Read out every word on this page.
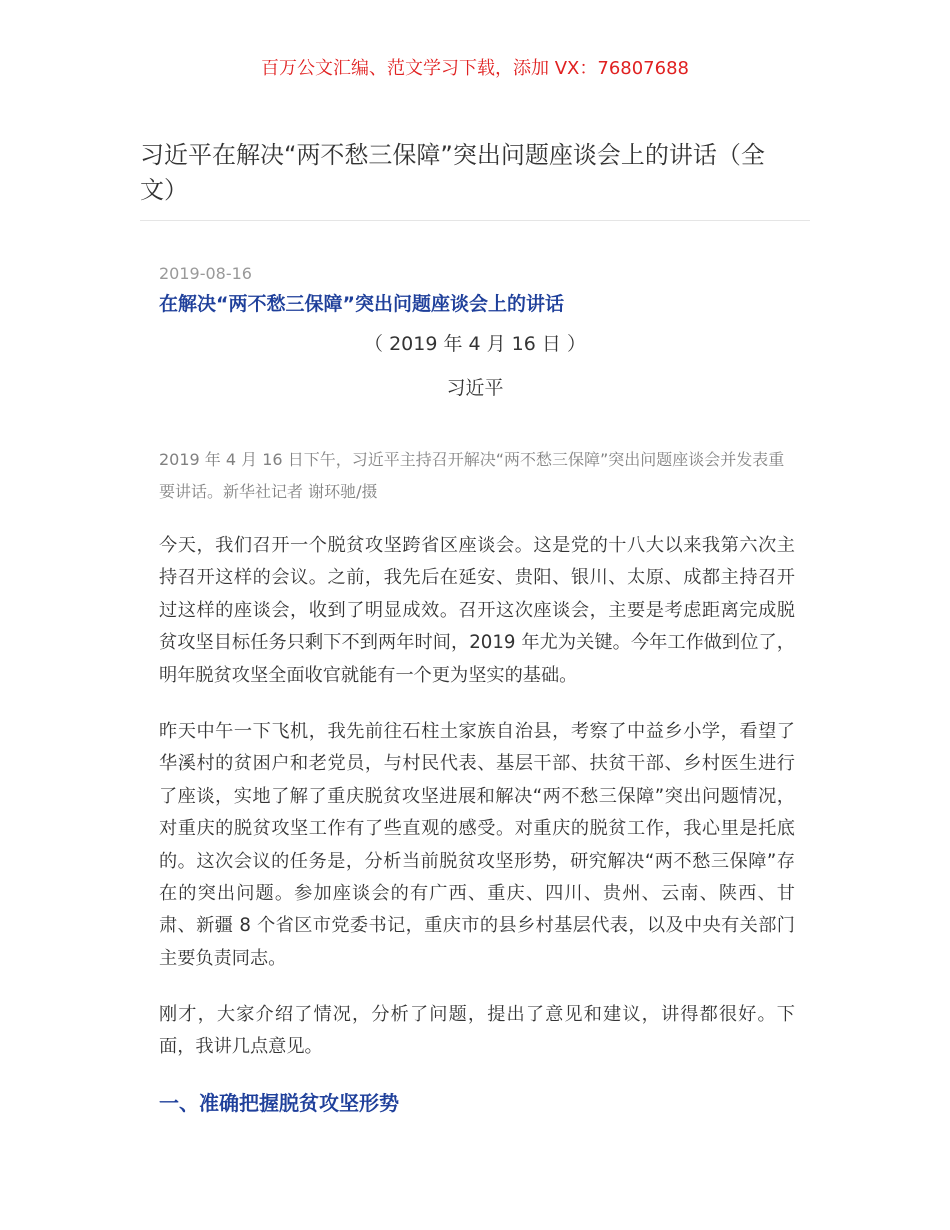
百万公文汇编、范文学习下载，添加 VX：76807688
习近平在解决“两不愁三保障”突出问题座谈会上的讲话（全文）
2019-08-16
在解决“两不愁三保障”突出问题座谈会上的讲话
（ 2019 年 4 月 16 日 ）
习近平
2019 年 4 月 16 日下午，习近平主持召开解决“两不愁三保障”突出问题座谈会并发表重要讲话。新华社记者 谢环驰/摄
今天，我们召开一个脱贫攻坚跨省区座谈会。这是党的十八大以来我第六次主持召开这样的会议。之前，我先后在延安、贵阳、银川、太原、成都主持召开过这样的座谈会，收到了明显成效。召开这次座谈会，主要是考虑距离完成脱贫攻坚目标任务只剩下不到两年时间，2019 年尤为关键。今年工作做到位了，明年脱贫攻坚全面收官就能有一个更为坚实的基础。
昨天中午一下飞机，我先前往石柱土家族自治县，考察了中益乡小学，看望了华溪村的贫困户和老党员，与村民代表、基层干部、扶贫干部、乡村医生进行了座谈，实地了解了重庆脱贫攻坚进展和解决“两不愁三保障”突出问题情况，对重庆的脱贫攻坚工作有了些直观的感受。对重庆的脱贫工作，我心里是托底的。这次会议的任务是，分析当前脱贫攻坚形势，研究解决“两不愁三保障”存在的突出问题。参加座谈会的有广西、重庆、四川、贵州、云南、陕西、甘肃、新疆 8 个省区市党委书记，重庆市的县乡村基层代表，以及中央有关部门主要负责同志。
刚才，大家介绍了情况，分析了问题，提出了意见和建议，讲得都很好。下面，我讲几点意见。
一、准确把握脱贫攻坚形势
